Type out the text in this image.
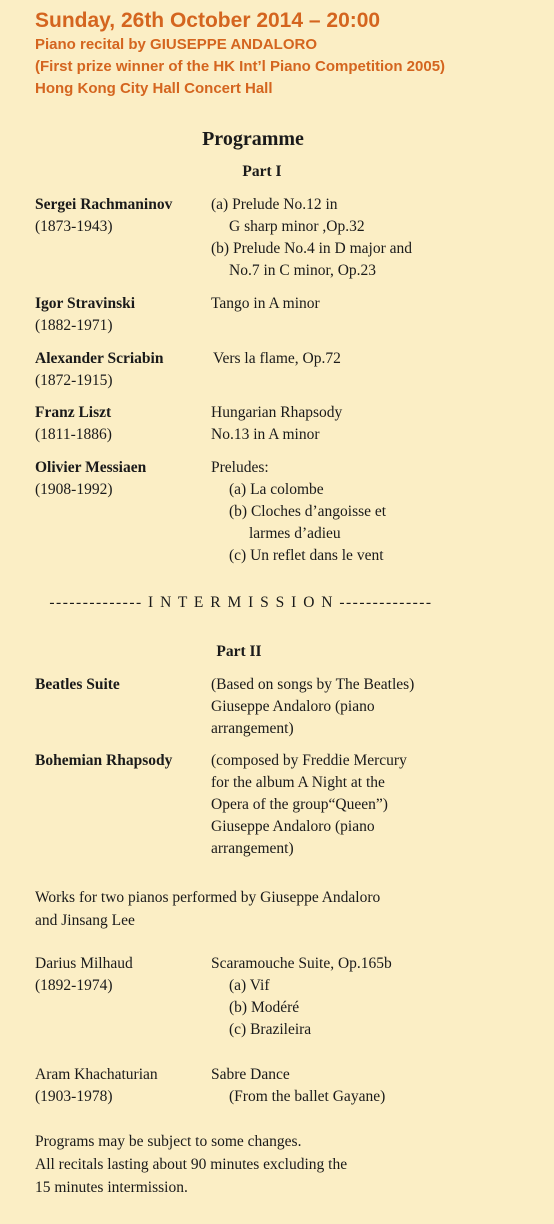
Sunday, 26th October 2014 – 20:00

Piano recital by GIUSEPPE ANDALORO

(First prize winner of the HK Int’l Piano Competition 2005)

Hong Kong City Hall Concert Hall

Programme
Part I
Sergei Rachmaninov
(1873-1943)
(a) Prelude No.12 in
G sharp minor ,Op.32
(b) Prelude No.4 in D major and
No.7 in C minor, Op.23
Igor Stravinski
(1882-1971)
Tango in A minor
Alexander Scriabin
(1872-1915)
Vers la flame, Op.72
Franz Liszt
(1811-1886)
Hungarian Rhapsody
No.13 in A minor
Olivier Messiaen
(1908-1992)
Preludes:
(a) La colombe
(b) Cloches d’angoisse et
larmes d’adieu
(c) Un reflet dans le vent
-------------- I N T E R M I S S I O N --------------
Part II
Beatles Suite	(Based on songs by The Beatles)
Giuseppe Andaloro (piano
arrangement)
Bohemian Rhapsody (composed by Freddie Mercury
for the album A Night at the
Opera of the group“Queen”)
Giuseppe Andaloro (piano
arrangement)
Works for two pianos performed by Giuseppe Andaloro
and Jinsang Lee
Darius Milhaud
(1892-1974)
Scaramouche Suite, Op.165b
(a) Vif
(b) Modéré
(c) Brazileira
Aram Khachaturian
(1903-1978)
Sabre Dance
(From the ballet Gayane)
Programs may be subject to some changes.
All recitals lasting about 90 minutes excluding the
15 minutes intermission.
